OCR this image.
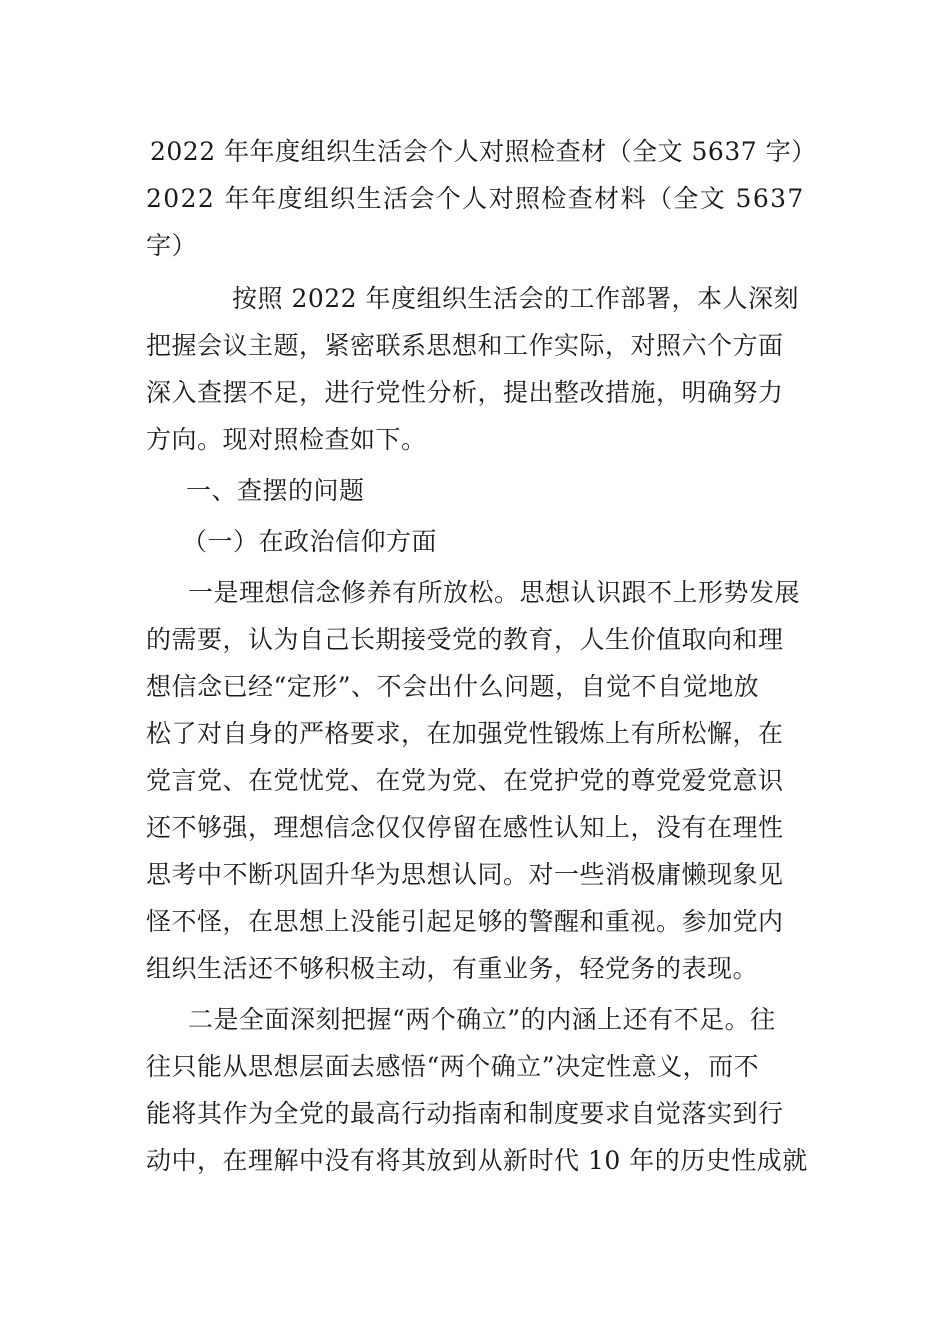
2022 年年度组织生活会个人对照检查材（全文 5637 字）
2022 年年度组织生活会个人对照检查材料（全文 5637
字）
按照 2022 年度组织生活会的工作部署，本人深刻
把握会议主题，紧密联系思想和工作实际，对照六个方面
深入查摆不足，进行党性分析，提出整改措施，明确努力
方向。现对照检查如下。
一、查摆的问题
（一）在政治信仰方面
一是理想信念修养有所放松。思想认识跟不上形势发展
的需要，认为自己长期接受党的教育，人生价值取向和理
想信念已经“定形”、不会出什么问题，自觉不自觉地放
松了对自身的严格要求，在加强党性锻炼上有所松懈，在
党言党、在党忧党、在党为党、在党护党的尊党爱党意识
还不够强，理想信念仅仅停留在感性认知上，没有在理性
思考中不断巩固升华为思想认同。对一些消极庸懒现象见
怪不怪，在思想上没能引起足够的警醒和重视。参加党内
组织生活还不够积极主动，有重业务，轻党务的表现。
二是全面深刻把握“两个确立”的内涵上还有不足。往
往只能从思想层面去感悟“两个确立”决定性意义，而不
能将其作为全党的最高行动指南和制度要求自觉落实到行
动中，在理解中没有将其放到从新时代 10 年的历史性成就
